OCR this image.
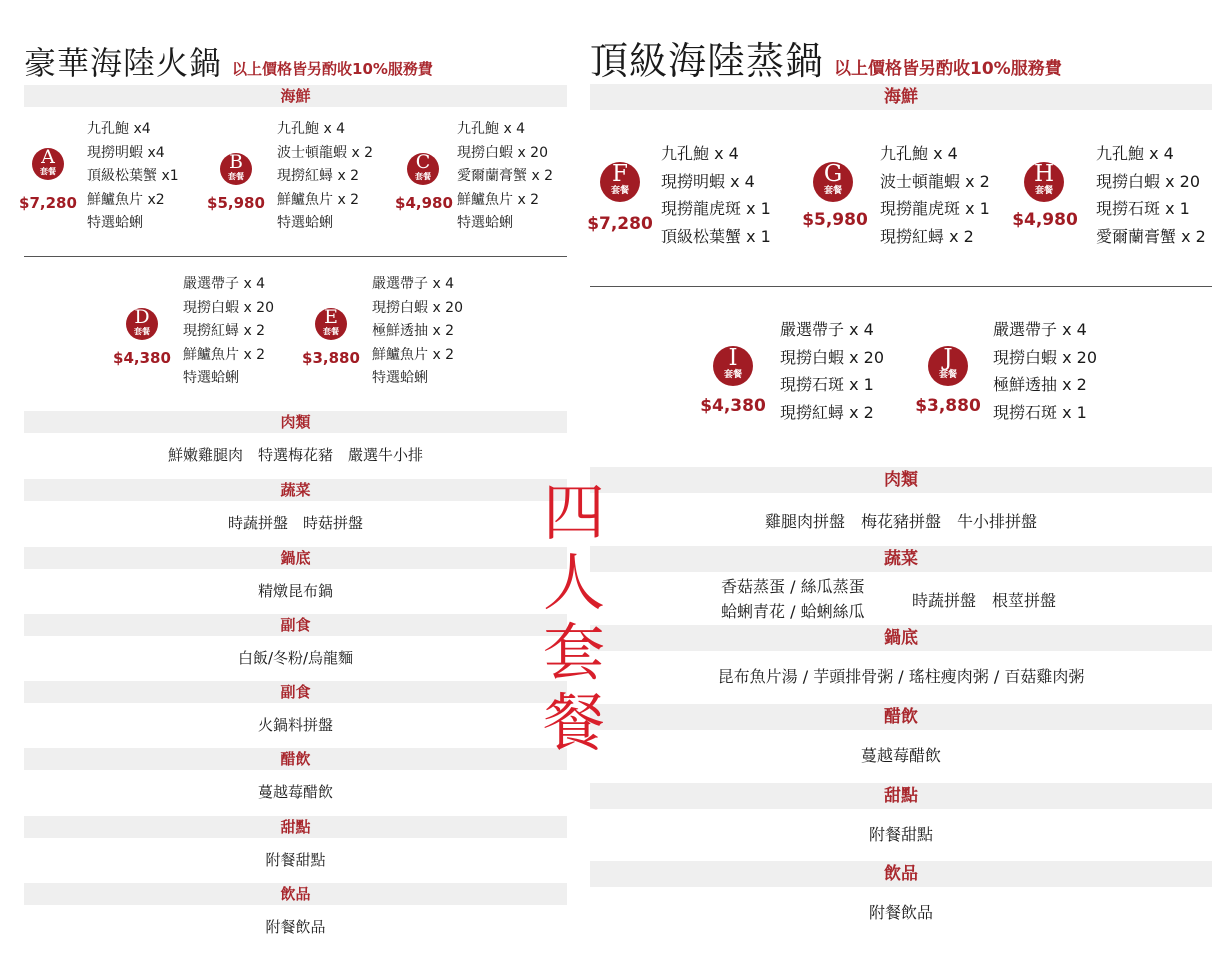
豪華海陸火鍋 以上價格皆另酌收10%服務費
海鮮
A
套餐
$7,280
九孔鮑 x4
現撈明蝦 x4
頂級松葉蟹 x1
鮮鱸魚片 x2
特選蛤蜊
B
套餐
$5,980
九孔鮑 x 4
波士頓龍蝦 x 2
現撈紅蟳 x 2
鮮鱸魚片 x 2
特選蛤蜊
C
套餐
$4,980
九孔鮑 x 4
現撈白蝦 x 20
愛爾蘭膏蟹 x 2
鮮鱸魚片 x 2
特選蛤蜊
D
套餐
$4,380
嚴選帶子 x 4
現撈白蝦 x 20
現撈紅蟳 x 2
鮮鱸魚片 x 2
特選蛤蜊
E
套餐
$3,880
嚴選帶子 x 4
現撈白蝦 x 20
極鮮透抽 x 2
鮮鱸魚片 x 2
特選蛤蜊
肉類
鮮嫩雞腿肉　特選梅花豬　嚴選牛小排
蔬菜
時蔬拼盤　時菇拼盤
鍋底
精燉昆布鍋
副食
白飯/冬粉/烏龍麵
副食
火鍋料拼盤
醋飲
蔓越莓醋飲
甜點
附餐甜點
飲品
附餐飲品
頂級海陸蒸鍋 以上價格皆另酌收10%服務費
海鮮
F
套餐
$7,280
九孔鮑 x 4
現撈明蝦 x 4
現撈龍虎斑 x 1
頂級松葉蟹 x 1
G
套餐
$5,980
九孔鮑 x 4
波士頓龍蝦 x 2
現撈龍虎斑 x 1
現撈紅蟳 x 2
H
套餐
$4,980
九孔鮑 x 4
現撈白蝦 x 20
現撈石斑 x 1
愛爾蘭膏蟹 x 2
I
套餐
$4,380
嚴選帶子 x 4
現撈白蝦 x 20
現撈石斑 x 1
現撈紅蟳 x 2
J
套餐
$3,880
嚴選帶子 x 4
現撈白蝦 x 20
極鮮透抽 x 2
現撈石斑 x 1
肉類
雞腿肉拼盤　梅花豬拼盤　牛小排拼盤
蔬菜
香菇蒸蛋 / 絲瓜蒸蛋
蛤蜊青花 / 蛤蜊絲瓜
時蔬拼盤　根莖拼盤
鍋底
昆布魚片湯 / 芋頭排骨粥 / 瑤柱瘦肉粥 / 百菇雞肉粥
醋飲
蔓越莓醋飲
甜點
附餐甜點
飲品
附餐飲品
四
人
套
餐
